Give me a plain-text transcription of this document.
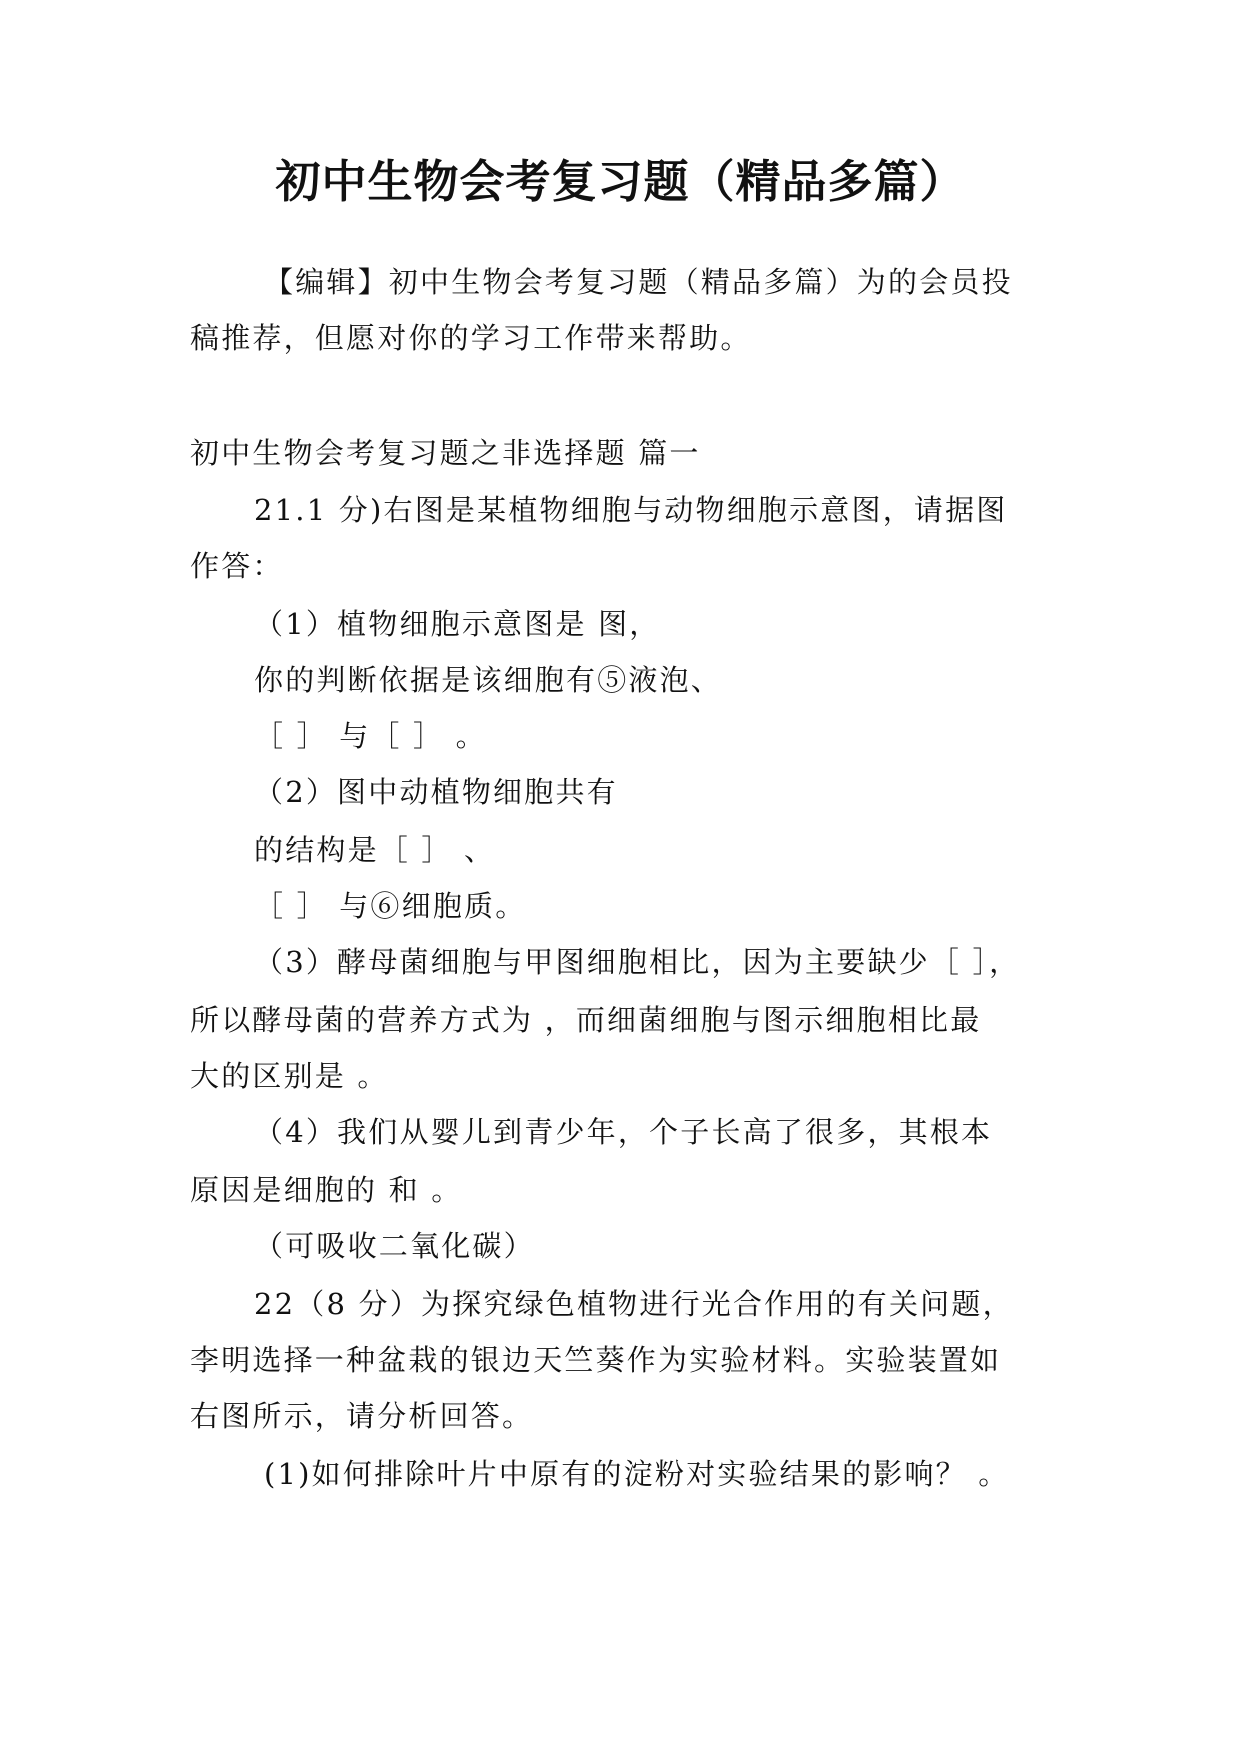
初中生物会考复习题（精品多篇）
【编辑】初中生物会考复习题（精品多篇）为的会员投
稿推荐，但愿对你的学习工作带来帮助。
初中生物会考复习题之非选择题 篇一
21.1 分)右图是某植物细胞与动物细胞示意图，请据图
作答：
（1）植物细胞示意图是 图，
你的判断依据是该细胞有⑤液泡、
［ ］ 与［ ］ 。
（2）图中动植物细胞共有
的结构是［ ］ 、
［ ］ 与⑥细胞质。
（3）酵母菌细胞与甲图细胞相比，因为主要缺少［ ］，
所以酵母菌的营养方式为 ，而细菌细胞与图示细胞相比最
大的区别是 。
（4）我们从婴儿到青少年，个子长高了很多，其根本
原因是细胞的 和 。
（可吸收二氧化碳）
22（8 分）为探究绿色植物进行光合作用的有关问题，
李明选择一种盆栽的银边天竺葵作为实验材料。实验装置如
右图所示，请分析回答。
(1)如何排除叶片中原有的淀粉对实验结果的影响？ 。
